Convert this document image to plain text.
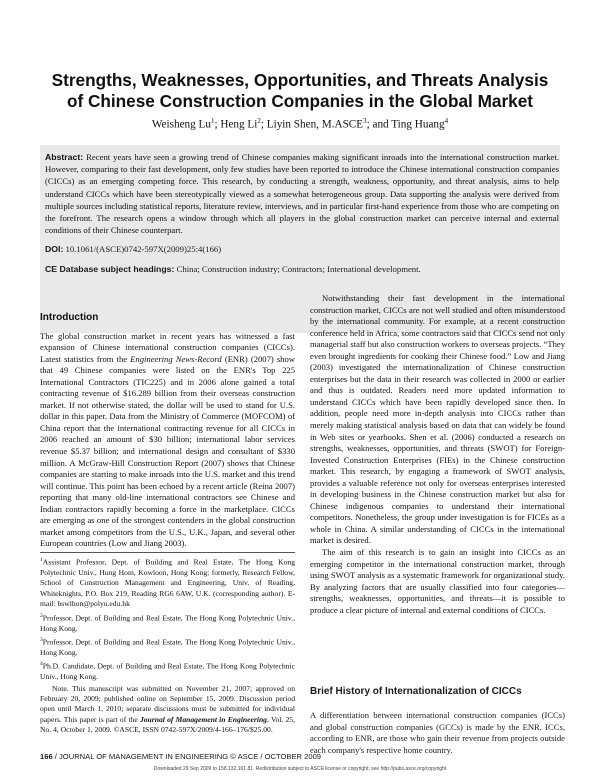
Strengths, Weaknesses, Opportunities, and Threats Analysis
of Chinese Construction Companies in the Global Market
Weisheng Lu$^1$; Heng Li$^2$; Liyin Shen, M.ASCE$^3$; and Ting Huang$^4$
Abstract: Recent years have seen a growing trend of Chinese companies making significant inroads into the international construction market. However, comparing to their fast development, only few studies have been reported to introduce the Chinese international construction companies (CICCs) as an emerging competing force. This research, by conducting a strength, weakness, opportunity, and threat analysis, aims to help understand CICCs which have been stereotypically viewed as a somewhat heterogeneous group. Data supporting the analysis were derived from multiple sources including statistical reports, literature review, interviews, and in particular first-hand experience from those who are competing on the forefront. The research opens a window through which all players in the global construction market can perceive internal and external conditions of their Chinese counterpart.
DOI: 10.1061/(ASCE)0742-597X(2009)25:4(166)
CE Database subject headings: China; Construction industry; Contractors; International development.
Introduction

The global construction market in recent years has witnessed a fast expansion of Chinese international construction companies (CICCs). Latest statistics from the Engineering News-Record (ENR) (2007) show that 49 Chinese companies were listed on the ENR's Top 225 International Contractors (TIC225) and in 2006 alone gained a total contracting revenue of $16.289 billion from their overseas construction market. If not otherwise stated, the dollar will be used to stand for U.S. dollar in this paper. Data from the Ministry of Commerce (MOFCOM) of China report that the international contracting revenue for all CICCs in 2006 reached an amount of $30 billion; international labor services revenue $5.37 billion; and international design and consultant of $330 million. A McGraw-Hill Construction Report (2007) shows that Chinese companies are starting to make inroads into the U.S. market and this trend will continue. This point has been echoed by a recent article (Reina 2007) reporting that many old-line international contractors see Chinese and Indian contractors rapidly becoming a force in the marketplace. CICCs are emerging as one of the strongest contenders in the global construction market among competitors from the U.S., U.K., Japan, and several other European countries (Low and Jiang 2003).

$^1$Assistant Professor, Dept. of Building and Real Estate, The Hong Kong Polytechnic Univ., Hung Hom, Kowloon, Hong Kong; formerly, Research Fellow, School of Construction Management and Engineering, Univ. of Reading, Whiteknights, P.O. Box 219, Reading RG6 6AW, U.K. (corresponding author). E-mail: bswlhon@polyu.edu.hk

$^2$Professor, Dept. of Building and Real Estate, The Hong Kong Polytechnic Univ., Hong Kong.

$^3$Professor, Dept. of Building and Real Estate, The Hong Kong Polytechnic Univ., Hong Kong.

$^4$Ph.D. Candidate, Dept. of Building and Real Estate, The Hong Kong Polytechnic Univ., Hong Kong.

Note. This manuscript was submitted on November 21, 2007; approved on February 20, 2009; published online on September 15, 2009. Discussion period open until March 1, 2010; separate discussions must be submitted for individual papers. This paper is part of the Journal of Management in Engineering, Vol. 25, No. 4, October 1, 2009. ©ASCE, ISSN 0742-597X/2009/4-166–176/$25.00.

Notwithstanding their fast development in the international construction market, CICCs are not well studied and often misunderstood by the international community. For example, at a recent construction conference held in Africa, some contractors said that CICCs send not only managerial staff but also construction workers to overseas projects. “They even brought ingredients for cooking their Chinese food.” Low and Jiang (2003) investigated the internationalization of Chinese construction enterprises but the data in their research was collected in 2000 or earlier and thus is outdated. Readers need more updated information to understand CICCs which have been rapidly developed since then. In addition, people need more in-depth analysis into CICCs rather than merely making statistical analysis based on data that can widely be found in Web sites or yearbooks. Shen et al. (2006) conducted a research on strengths, weaknesses, opportunities, and threats (SWOT) for Foreign-Invested Construction Enterprises (FIEs) in the Chinese construction market. This research, by engaging a framework of SWOT analysis, provides a valuable reference not only for overseas enterprises interested in developing business in the Chinese construction market but also for Chinese indigenous companies to understand their international competitors. Nonetheless, the group under investigation is for FICEs as a whole in China. A similar understanding of CICCs in the international market is desired.

The aim of this research is to gain an insight into CICCs as an emerging competitor in the international construction market, through using SWOT analysis as a systematic framework for organizational study. By analyzing factors that are usually classified into four categories—strengths, weaknesses, opportunities, and threats—it is possible to produce a clear picture of internal and external conditions of CICCs.

Brief History of Internationalization of CICCs
A differentiation between international construction companies (ICCs) and global construction companies (GCCs) is made by the ENR. ICCs, according to ENR, are those who gain their revenue from projects outside each company's respective home country.
166 / JOURNAL OF MANAGEMENT IN ENGINEERING © ASCE / OCTOBER 2009
Downloaded 29 Sep 2009 to 158.132.161.81. Redistribution subject to ASCE license or copyright; see http://pubs.asce.org/copyright
